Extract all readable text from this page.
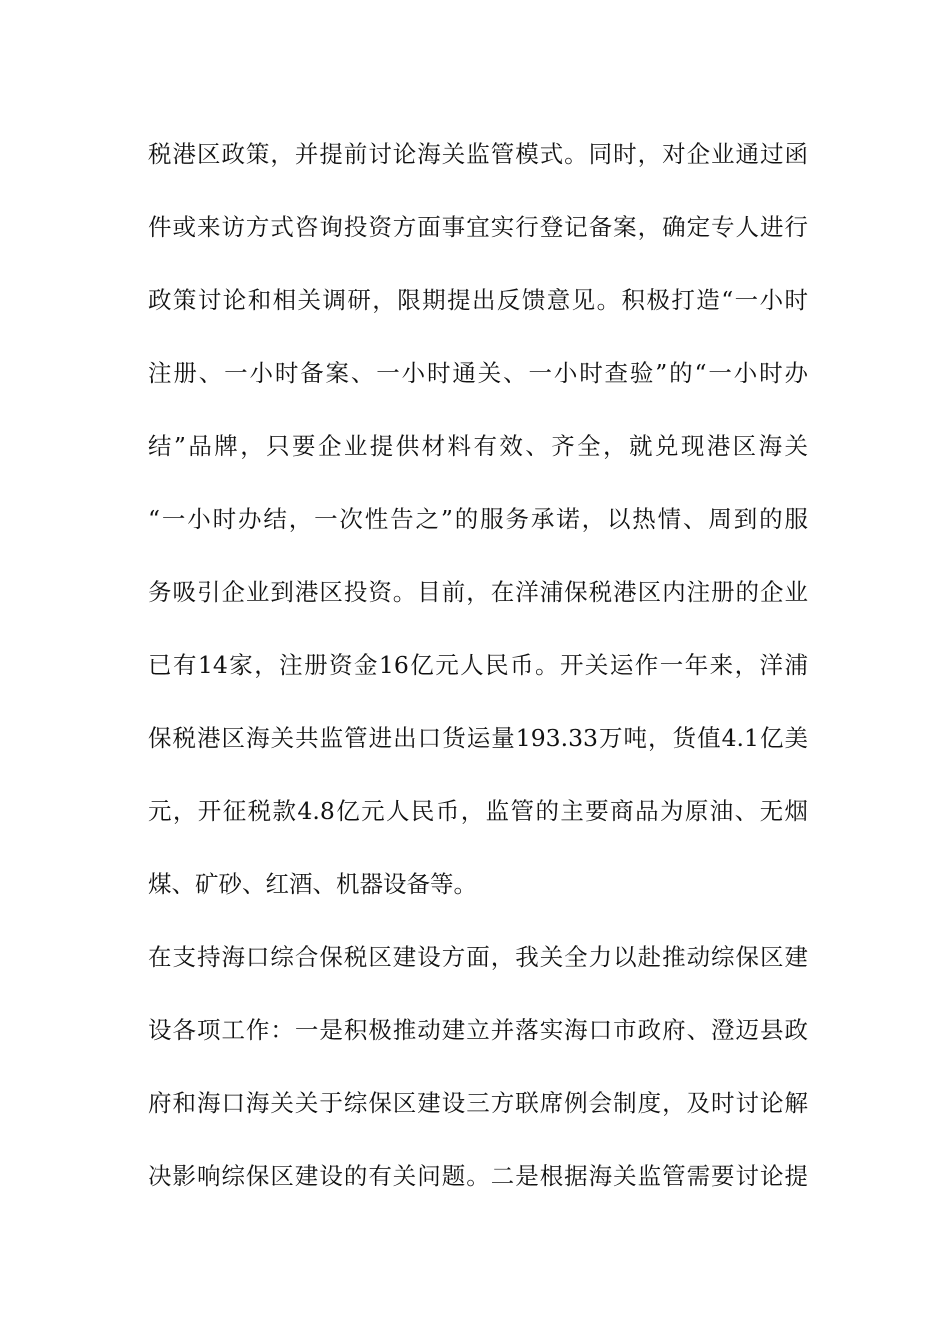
税港区政策，并提前讨论海关监管模式。同时，对企业通过函
件或来访方式咨询投资方面事宜实行登记备案，确定专人进行
政策讨论和相关调研，限期提出反馈意见。积极打造“一小时
注册、一小时备案、一小时通关、一小时查验”的“一小时办
结”品牌，只要企业提供材料有效、齐全，就兑现港区海关
“一小时办结，一次性告之”的服务承诺，以热情、周到的服
务吸引企业到港区投资。目前，在洋浦保税港区内注册的企业
已有14家，注册资金16亿元人民币。开关运作一年来，洋浦
保税港区海关共监管进出口货运量193.33万吨，货值4.1亿美
元，开征税款4.8亿元人民币，监管的主要商品为原油、无烟
煤、矿砂、红酒、机器设备等。
在支持海口综合保税区建设方面，我关全力以赴推动综保区建
设各项工作：一是积极推动建立并落实海口市政府、澄迈县政
府和海口海关关于综保区建设三方联席例会制度，及时讨论解
决影响综保区建设的有关问题。二是根据海关监管需要讨论提
